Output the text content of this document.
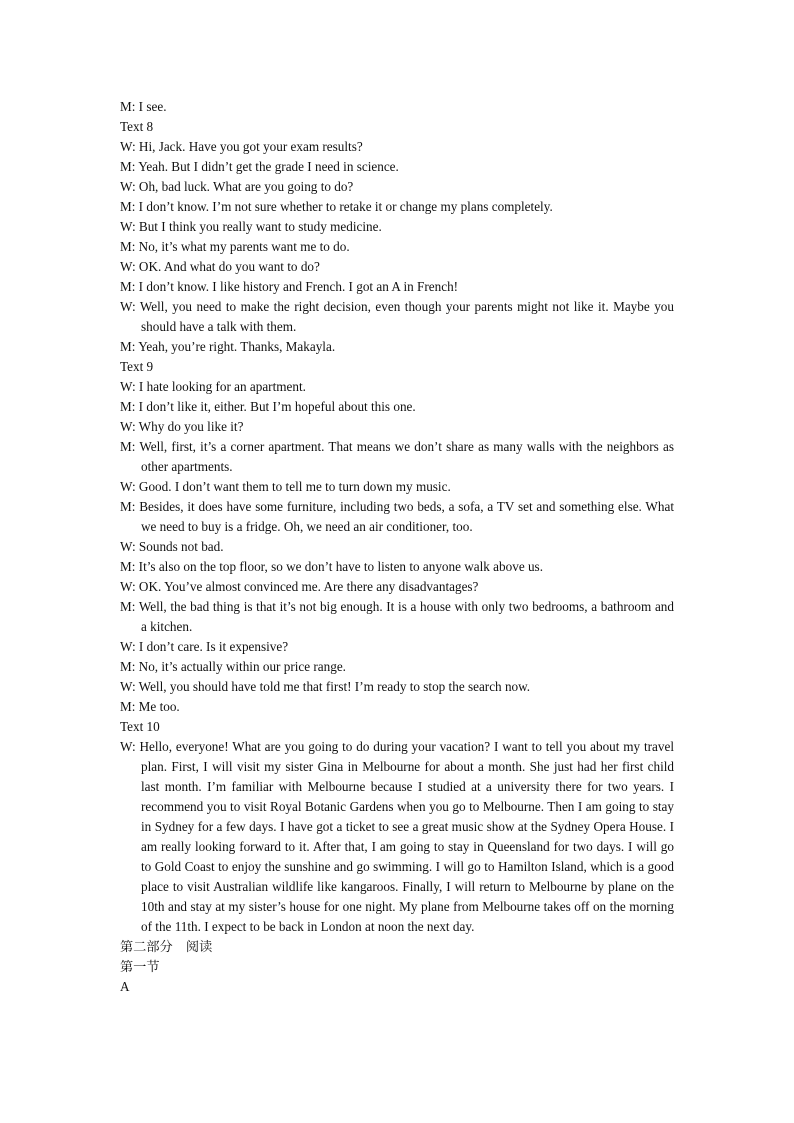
M: I see.
Text 8
W: Hi, Jack. Have you got your exam results?
M: Yeah. But I didn’t get the grade I need in science.
W: Oh, bad luck. What are you going to do?
M: I don’t know. I’m not sure whether to retake it or change my plans completely.
W: But I think you really want to study medicine.
M: No, it’s what my parents want me to do.
W: OK. And what do you want to do?
M: I don’t know. I like history and French. I got an A in French!
W: Well, you need to make the right decision, even though your parents might not like it. Maybe you should have a talk with them.
M: Yeah, you’re right. Thanks, Makayla.
Text 9
W: I hate looking for an apartment.
M: I don’t like it, either. But I’m hopeful about this one.
W: Why do you like it?
M: Well, first, it’s a corner apartment. That means we don’t share as many walls with the neighbors as other apartments.
W: Good. I don’t want them to tell me to turn down my music.
M: Besides, it does have some furniture, including two beds, a sofa, a TV set and something else. What we need to buy is a fridge. Oh, we need an air conditioner, too.
W: Sounds not bad.
M: It’s also on the top floor, so we don’t have to listen to anyone walk above us.
W: OK. You’ve almost convinced me. Are there any disadvantages?
M: Well, the bad thing is that it’s not big enough. It is a house with only two bedrooms, a bathroom and a kitchen.
W: I don’t care. Is it expensive?
M: No, it’s actually within our price range.
W: Well, you should have told me that first! I’m ready to stop the search now.
M: Me too.
Text 10
W: Hello, everyone! What are you going to do during your vacation? I want to tell you about my travel plan. First, I will visit my sister Gina in Melbourne for about a month. She just had her first child last month. I’m familiar with Melbourne because I studied at a university there for two years. I recommend you to visit Royal Botanic Gardens when you go to Melbourne. Then I am going to stay in Sydney for a few days. I have got a ticket to see a great music show at the Sydney Opera House. I am really looking forward to it. After that, I am going to stay in Queensland for two days. I will go to Gold Coast to enjoy the sunshine and go swimming. I will go to Hamilton Island, which is a good place to visit Australian wildlife like kangaroos. Finally, I will return to Melbourne by plane on the 10th and stay at my sister’s house for one night. My plane from Melbourne takes off on the morning of the 11th. I expect to be back in London at noon the next day.
第二部分　阅读
第一节
A
